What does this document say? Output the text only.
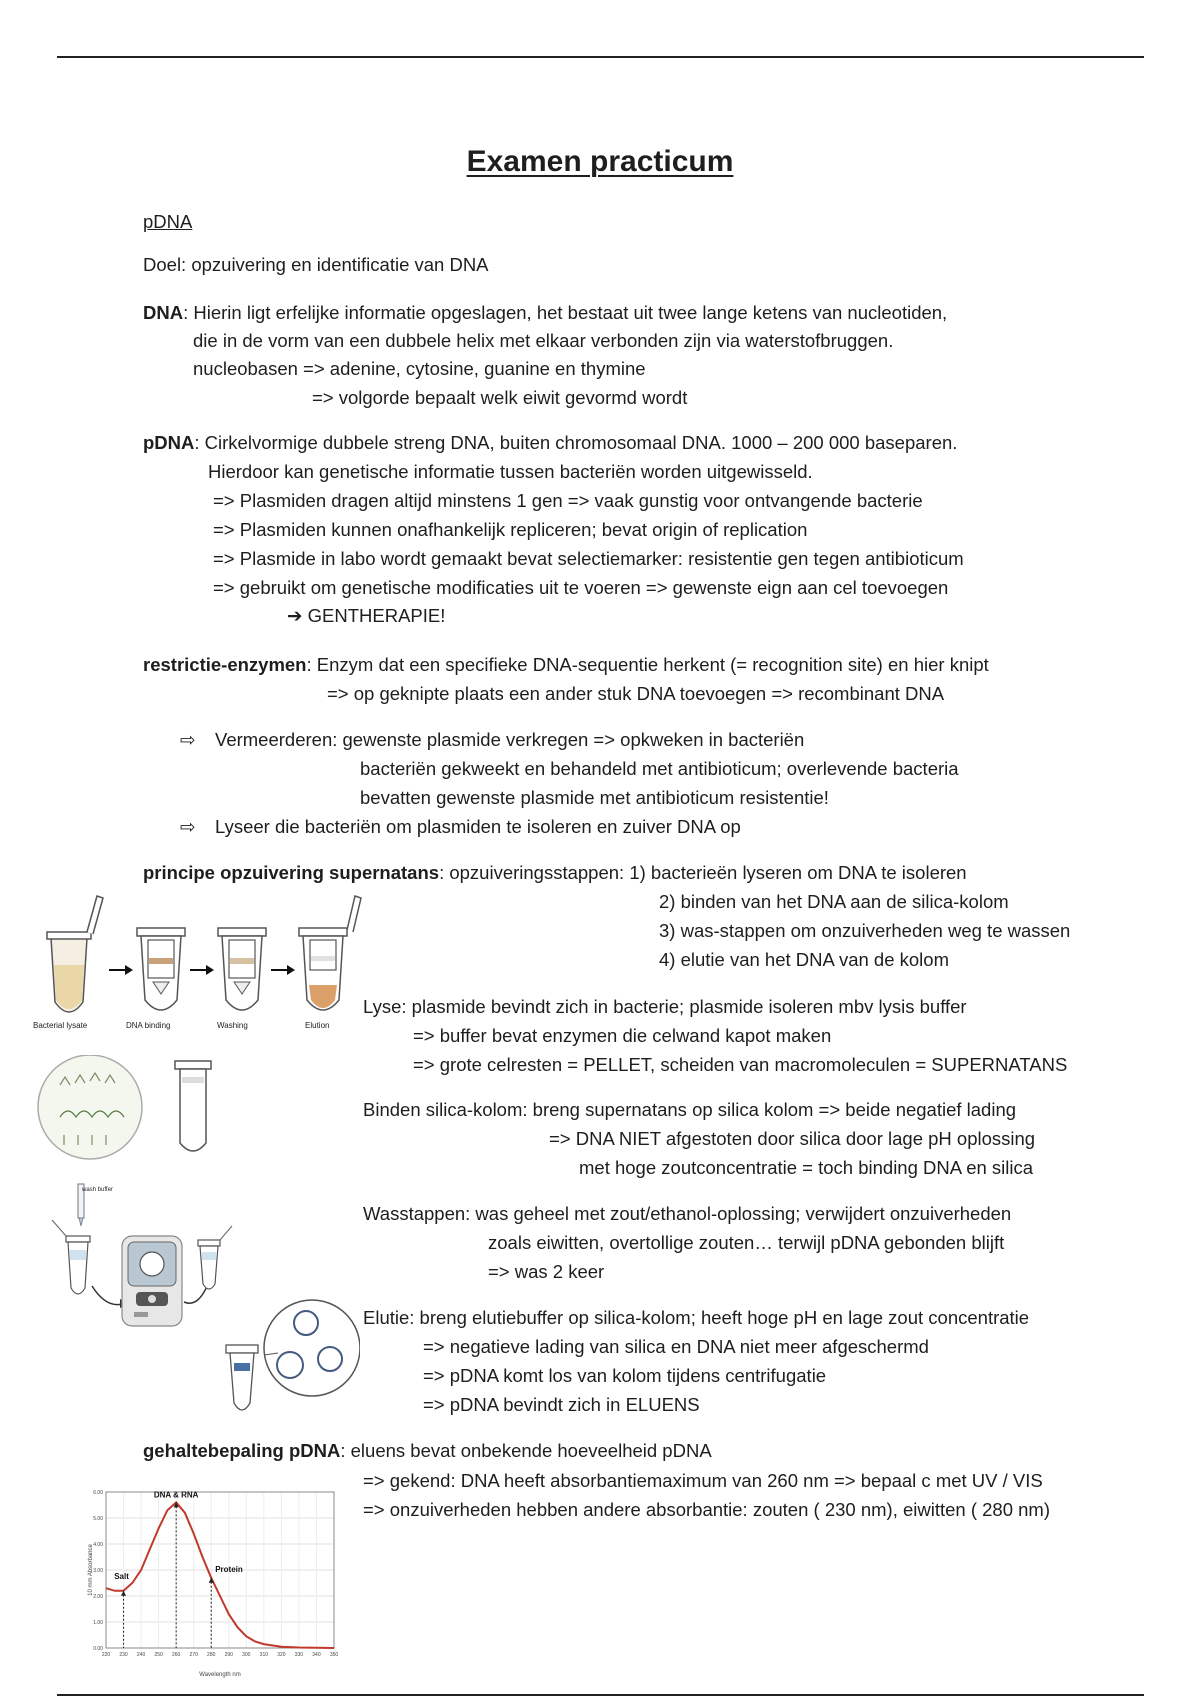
Examen practicum
pDNA
Doel: opzuivering en identificatie van DNA
DNA: Hierin ligt erfelijke informatie opgeslagen, het bestaat uit twee lange ketens van nucleotiden,
die in de vorm van een dubbele helix met elkaar verbonden zijn via waterstofbruggen.
nucleobasen => adenine, cytosine, guanine en thymine
=> volgorde bepaalt welk eiwit gevormd wordt
pDNA: Cirkelvormige dubbele streng DNA, buiten chromosomaal DNA. 1000 – 200 000 baseparen.
Hierdoor kan genetische informatie tussen bacteriën worden uitgewisseld.
=> Plasmiden dragen altijd minstens 1 gen => vaak gunstig voor ontvangende bacterie
=> Plasmiden kunnen onafhankelijk repliceren; bevat origin of replication
=> Plasmide in labo wordt gemaakt bevat selectiemarker: resistentie gen tegen antibioticum
=> gebruikt om genetische modificaties uit te voeren => gewenste eign aan cel toevoegen
➔ GENTHERAPIE!
restrictie-enzymen: Enzym dat een specifieke DNA-sequentie herkent (= recognition site) en hier knipt
=> op geknipte plaats een ander stuk DNA toevoegen => recombinant DNA
⇨ Vermeerderen: gewenste plasmide verkregen => opkweken in bacteriën
bacteriën gekweekt en behandeld met antibioticum; overlevende bacteria
bevatten gewenste plasmide met antibioticum resistentie!
⇨ Lyseer die bacteriën om plasmiden te isoleren en zuiver DNA op
principe opzuivering supernatans: opzuiveringsstappen: 1) bacterieën lyseren om DNA te isoleren
2) binden van het DNA aan de silica-kolom
3) was-stappen om onzuiverheden weg te wassen
4) elutie van het DNA van de kolom
Lyse: plasmide bevindt zich in bacterie; plasmide isoleren mbv lysis buffer
=> buffer bevat enzymen die celwand kapot maken
=> grote celresten = PELLET, scheiden van macromoleculen = SUPERNATANS
Binden silica-kolom: breng supernatans op silica kolom => beide negatief lading
=> DNA NIET afgestoten door silica door lage pH oplossing
met hoge zoutconcentratie = toch binding DNA en silica
Wasstappen: was geheel met zout/ethanol-oplossing; verwijdert onzuiverheden
zoals eiwitten, overtollige zouten… terwijl pDNA gebonden blijft
=> was 2 keer
Elutie: breng elutiebuffer op silica-kolom; heeft hoge pH en lage zout concentratie
=> negatieve lading van silica en DNA niet meer afgeschermd
=> pDNA komt los van kolom tijdens centrifugatie
=> pDNA bevindt zich in ELUENS
gehaltebepaling pDNA: eluens bevat onbekende hoeveelheid pDNA
=> gekend: DNA heeft absorbantiemaximum van 260 nm => bepaal c met UV / VIS
=> onzuiverheden hebben andere absorbantie: zouten ( 230 nm), eiwitten ( 280 nm)
Bacterial lysate	DNA binding	Washing	Elution
wash buffer
0.00
1.00
2.00
3.00
4.00
5.00
6.00
220 230 240 250 260 270 280 290 300 310 320 330 340 350
Salt
DNA & RNA
Protein
Wavelength nm
10 mm Absorbance
